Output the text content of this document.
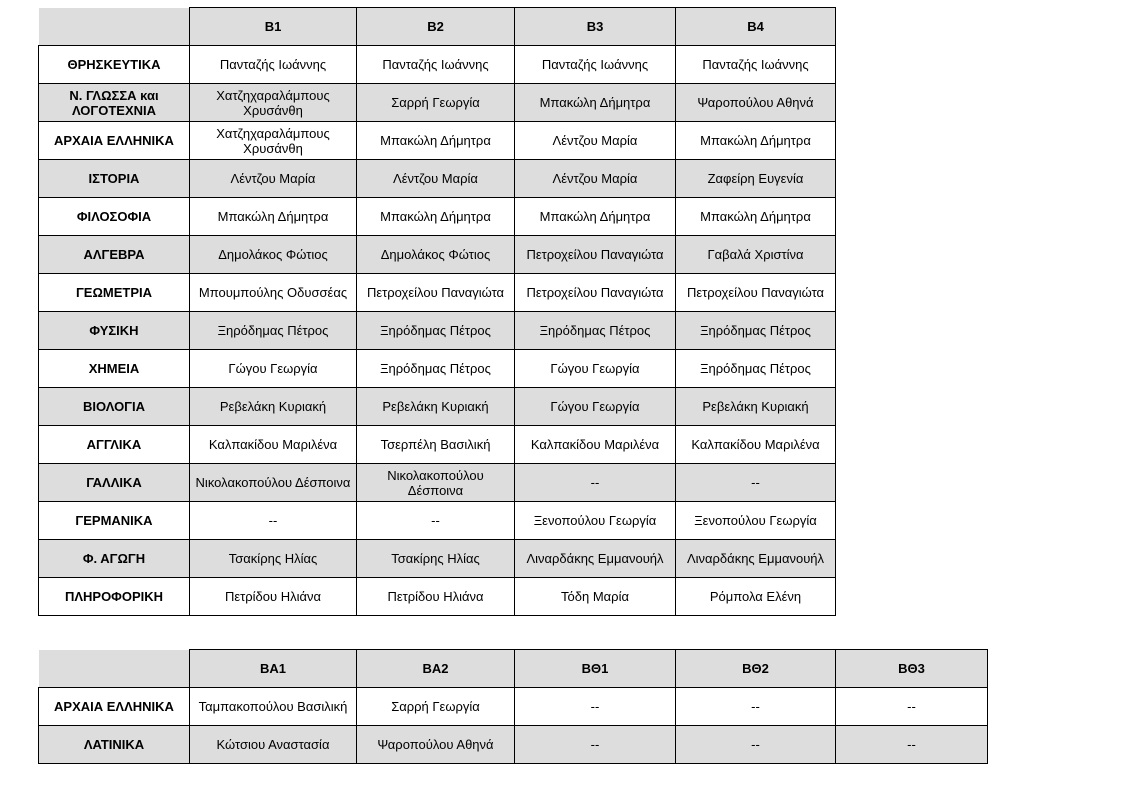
	Β1	Β2	Β3	Β4
ΘΡΗΣΚΕΥΤΙΚΑ	Πανταζής Ιωάννης	Πανταζής Ιωάννης	Πανταζής Ιωάννης	Πανταζής Ιωάννης
Ν. ΓΛΩΣΣΑ και ΛΟΓΟΤΕΧΝΙΑ	Χατζηχαραλάμπους Χρυσάνθη	Σαρρή Γεωργία	Μπακώλη Δήμητρα	Ψαροπούλου Αθηνά
ΑΡΧΑΙΑ ΕΛΛΗΝΙΚΑ	Χατζηχαραλάμπους Χρυσάνθη	Μπακώλη Δήμητρα	Λέντζου Μαρία	Μπακώλη Δήμητρα
ΙΣΤΟΡΙΑ	Λέντζου Μαρία	Λέντζου Μαρία	Λέντζου Μαρία	Ζαφείρη Ευγενία
ΦΙΛΟΣΟΦΙΑ	Μπακώλη Δήμητρα	Μπακώλη Δήμητρα	Μπακώλη Δήμητρα	Μπακώλη Δήμητρα
ΑΛΓΕΒΡΑ	Δημολάκος Φώτιος	Δημολάκος Φώτιος	Πετροχείλου Παναγιώτα	Γαβαλά Χριστίνα
ΓΕΩΜΕΤΡΙΑ	Μπουμπούλης Οδυσσέας	Πετροχείλου Παναγιώτα	Πετροχείλου Παναγιώτα	Πετροχείλου Παναγιώτα
ΦΥΣΙΚΗ	Ξηρόδημας Πέτρος	Ξηρόδημας Πέτρος	Ξηρόδημας Πέτρος	Ξηρόδημας Πέτρος
ΧΗΜΕΙΑ	Γώγου Γεωργία	Ξηρόδημας Πέτρος	Γώγου Γεωργία	Ξηρόδημας Πέτρος
ΒΙΟΛΟΓΙΑ	Ρεβελάκη Κυριακή	Ρεβελάκη Κυριακή	Γώγου Γεωργία	Ρεβελάκη Κυριακή
ΑΓΓΛΙΚΑ	Καλπακίδου Μαριλένα	Τσερπέλη Βασιλική	Καλπακίδου Μαριλένα	Καλπακίδου Μαριλένα
ΓΑΛΛΙΚΑ	Νικολακοπούλου Δέσποινα	Νικολακοπούλου Δέσποινα	--	--
ΓΕΡΜΑΝΙΚΑ	--	--	Ξενοπούλου Γεωργία	Ξενοπούλου Γεωργία
Φ. ΑΓΩΓΗ	Τσακίρης Ηλίας	Τσακίρης Ηλίας	Λιναρδάκης Εμμανουήλ	Λιναρδάκης Εμμανουήλ
ΠΛΗΡΟΦΟΡΙΚΗ	Πετρίδου Ηλιάνα	Πετρίδου Ηλιάνα	Τόδη Μαρία	Ρόμπολα Ελένη
	ΒΑ1	ΒΑ2	ΒΘ1	ΒΘ2	ΒΘ3
ΑΡΧΑΙΑ ΕΛΛΗΝΙΚΑ	Ταμπακοπούλου Βασιλική	Σαρρή Γεωργία	--	--	--
ΛΑΤΙΝΙΚΑ	Κώτσιου Αναστασία	Ψαροπούλου Αθηνά	--	--	--
